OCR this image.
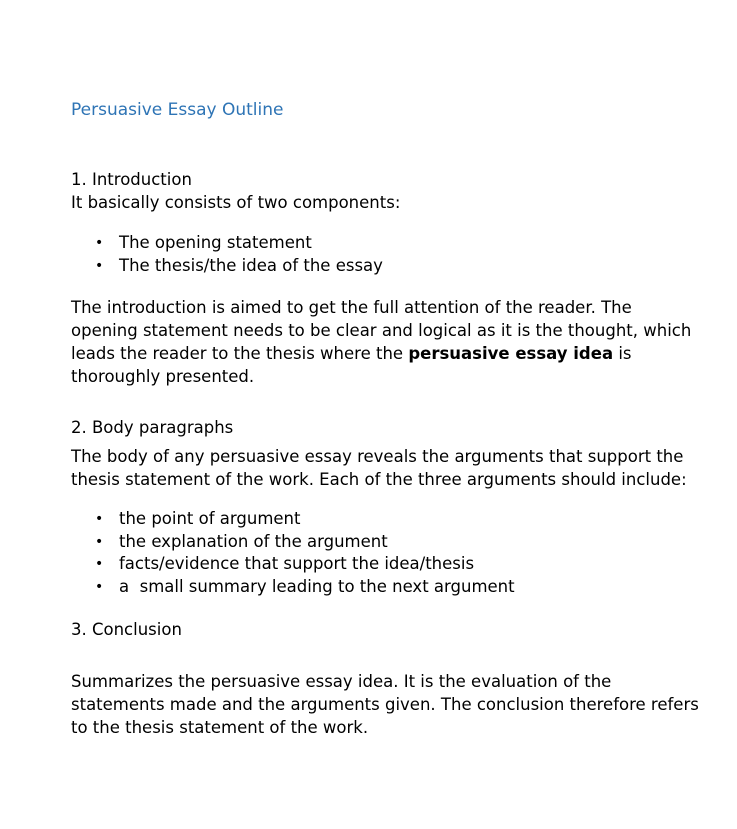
Persuasive Essay Outline

1. Introduction

It basically consists of two components:

• The opening statement
• The thesis/the idea of the essay

The introduction is aimed to get the full attention of the reader. The opening statement needs to be clear and logical as it is the thought, which leads the reader to the thesis where the persuasive essay idea is thoroughly presented.

2. Body paragraphs

The body of any persuasive essay reveals the arguments that support the thesis statement of the work. Each of the three arguments should include:

• the point of argument
• the explanation of the argument
• facts/evidence that support the idea/thesis
• a  small summary leading to the next argument

3. Conclusion

Summarizes the persuasive essay idea. It is the evaluation of the statements made and the arguments given. The conclusion therefore refers to the thesis statement of the work.
